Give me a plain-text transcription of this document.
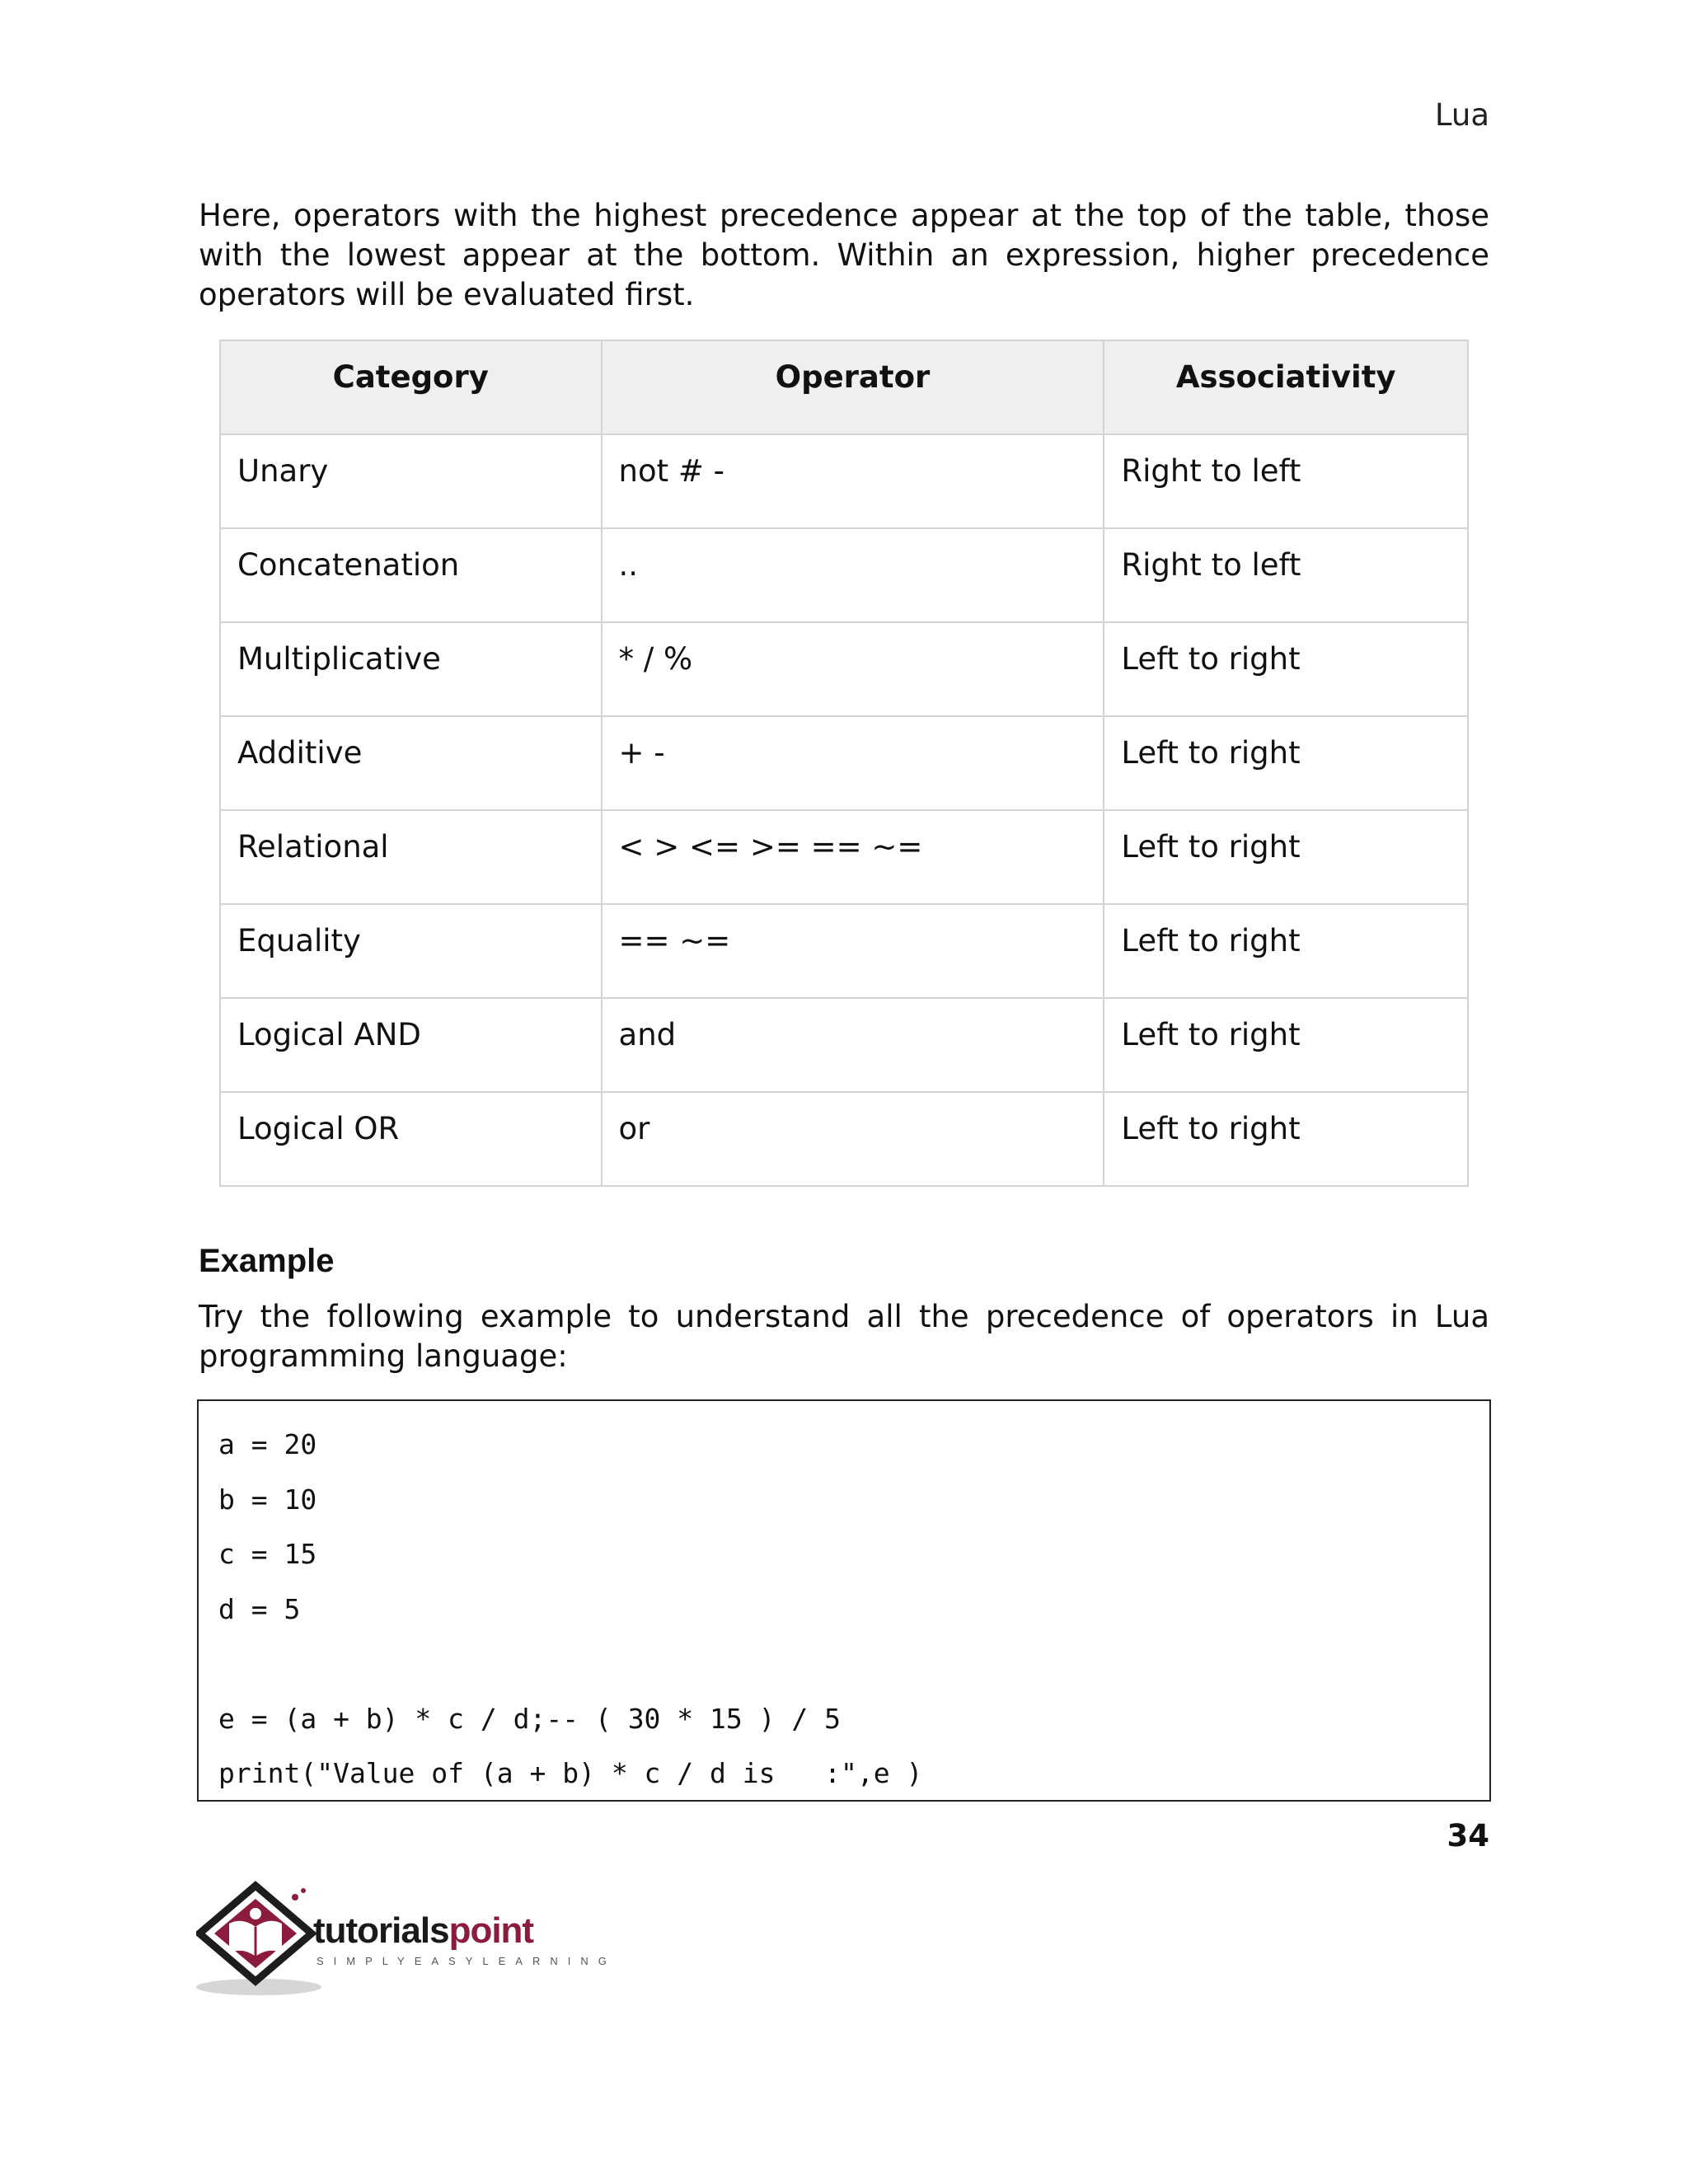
Lua

Here, operators with the highest precedence appear at the top of the table, those with the lowest appear at the bottom. Within an expression, higher precedence operators will be evaluated first.

Category	Operator	Associativity
Unary	not # -	Right to left
Concatenation	..	Right to left
Multiplicative	* / %	Left to right
Additive	+ -	Left to right
Relational	< > <= >= == ~=	Left to right
Equality	== ~=	Left to right
Logical AND	and	Left to right
Logical OR	or	Left to right
Example

Try the following example to understand all the precedence of operators in Lua programming language:

a = 20
b = 10
c = 15
d = 5
e = (a + b) * c / d;-- ( 30 * 15 ) / 5
print("Value of (a + b) * c / d is   :",e )
34
tutorialspoint
SIMPLYEASYLEARNING
